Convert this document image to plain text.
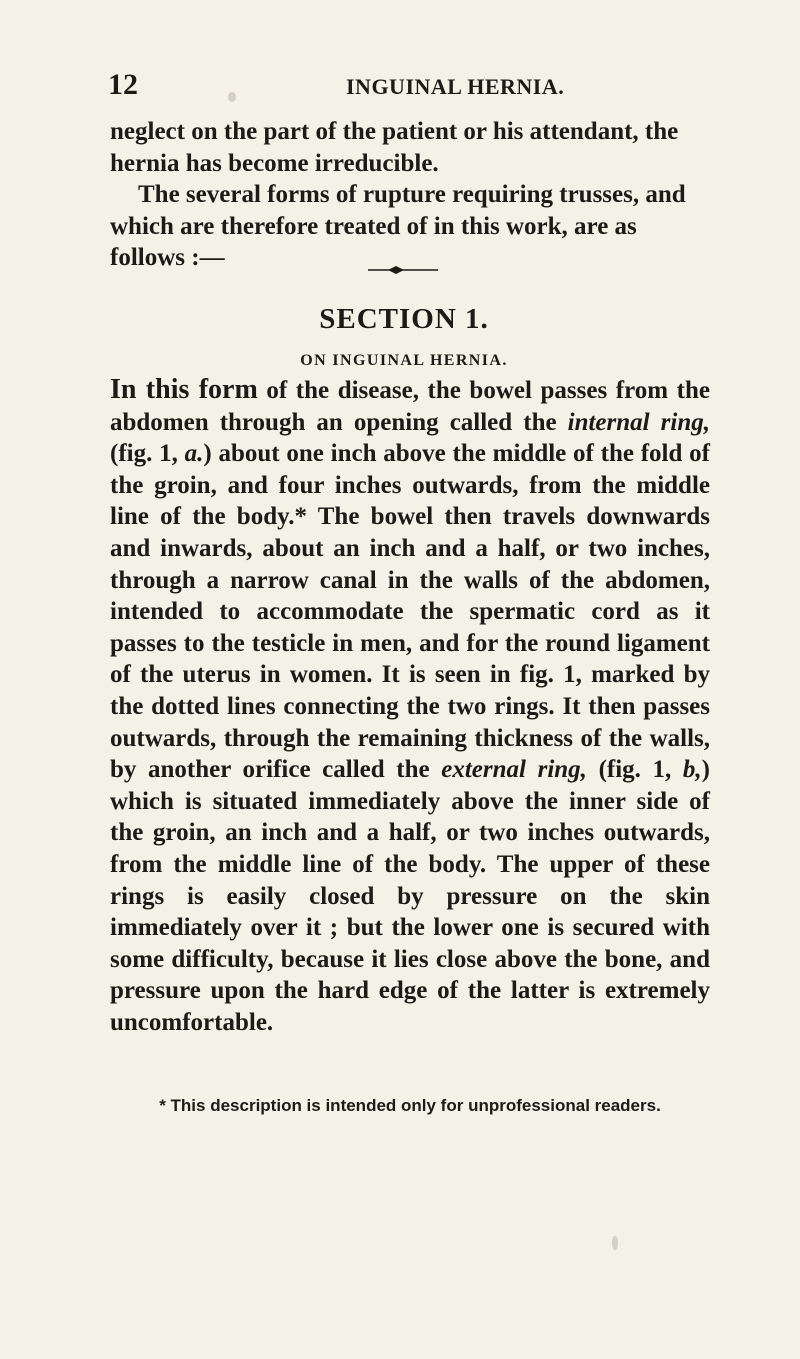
12	INGUINAL HERNIA.

neglect on the part of the patient or his attendant, the hernia has become irreducible.

The several forms of rupture requiring trusses, and which are therefore treated of in this work, are as follows :—

SECTION 1.
ON INGUINAL HERNIA.

In this form of the disease, the bowel passes from the abdomen through an opening called the internal ring, (fig. 1, a.) about one inch above the middle of the fold of the groin, and four inches outwards, from the middle line of the body.* The bowel then travels downwards and inwards, about an inch and a half, or two inches, through a narrow canal in the walls of the abdomen, intended to accommodate the spermatic cord as it passes to the testicle in men, and for the round ligament of the uterus in women. It is seen in fig. 1, marked by the dotted lines connecting the two rings. It then passes outwards, through the remaining thickness of the walls, by another orifice called the external ring, (fig. 1, b,) which is situated immediately above the inner side of the groin, an inch and a half, or two inches outwards, from the middle line of the body. The upper of these rings is easily closed by pressure on the skin immediately over it ; but the lower one is secured with some difficulty, because it lies close above the bone, and pressure upon the hard edge of the latter is extremely uncomfortable.

* This description is intended only for unprofessional readers.
